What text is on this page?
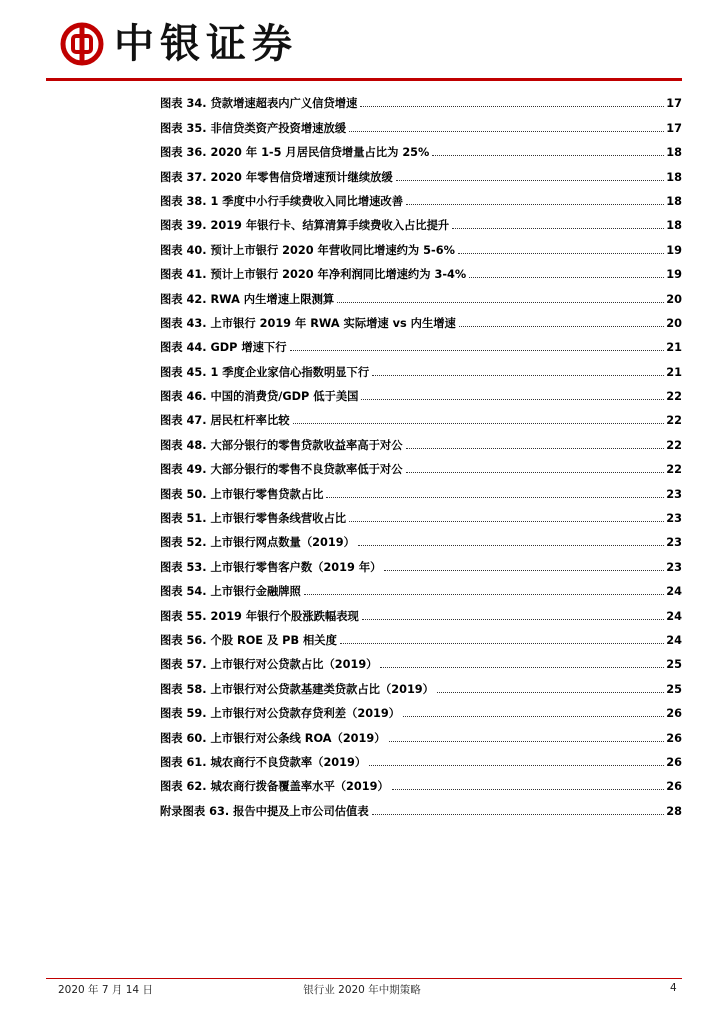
中银证券
图表 34. 贷款增速超表内广义信贷增速	17
图表 35. 非信贷类资产投资增速放缓	17
图表 36. 2020 年 1-5 月居民信贷增量占比为 25%	18
图表 37. 2020 年零售信贷增速预计继续放缓	18
图表 38. 1 季度中小行手续费收入同比增速改善	18
图表 39. 2019 年银行卡、结算清算手续费收入占比提升	18
图表 40. 预计上市银行 2020 年营收同比增速约为 5-6%	19
图表 41. 预计上市银行 2020 年净利润同比增速约为 3-4%	19
图表 42. RWA 内生增速上限测算	20
图表 43. 上市银行 2019 年 RWA 实际增速 vs 内生增速	20
图表 44. GDP 增速下行	21
图表 45. 1 季度企业家信心指数明显下行	21
图表 46. 中国的消费贷/GDP 低于美国	22
图表 47. 居民杠杆率比较	22
图表 48. 大部分银行的零售贷款收益率高于对公	22
图表 49. 大部分银行的零售不良贷款率低于对公	22
图表 50. 上市银行零售贷款占比	23
图表 51. 上市银行零售条线营收占比	23
图表 52. 上市银行网点数量（2019）	23
图表 53. 上市银行零售客户数（2019 年）	23
图表 54. 上市银行金融牌照	24
图表 55. 2019 年银行个股涨跌幅表现	24
图表 56. 个股 ROE 及 PB 相关度	24
图表 57. 上市银行对公贷款占比（2019）	25
图表 58. 上市银行对公贷款基建类贷款占比（2019）	25
图表 59. 上市银行对公贷款存贷利差（2019）	26
图表 60. 上市银行对公条线 ROA（2019）	26
图表 61. 城农商行不良贷款率（2019）	26
图表 62. 城农商行拨备覆盖率水平（2019）	26
附录图表 63. 报告中提及上市公司估值表	28
2020 年 7 月 14 日	银行业 2020 年中期策略	4
